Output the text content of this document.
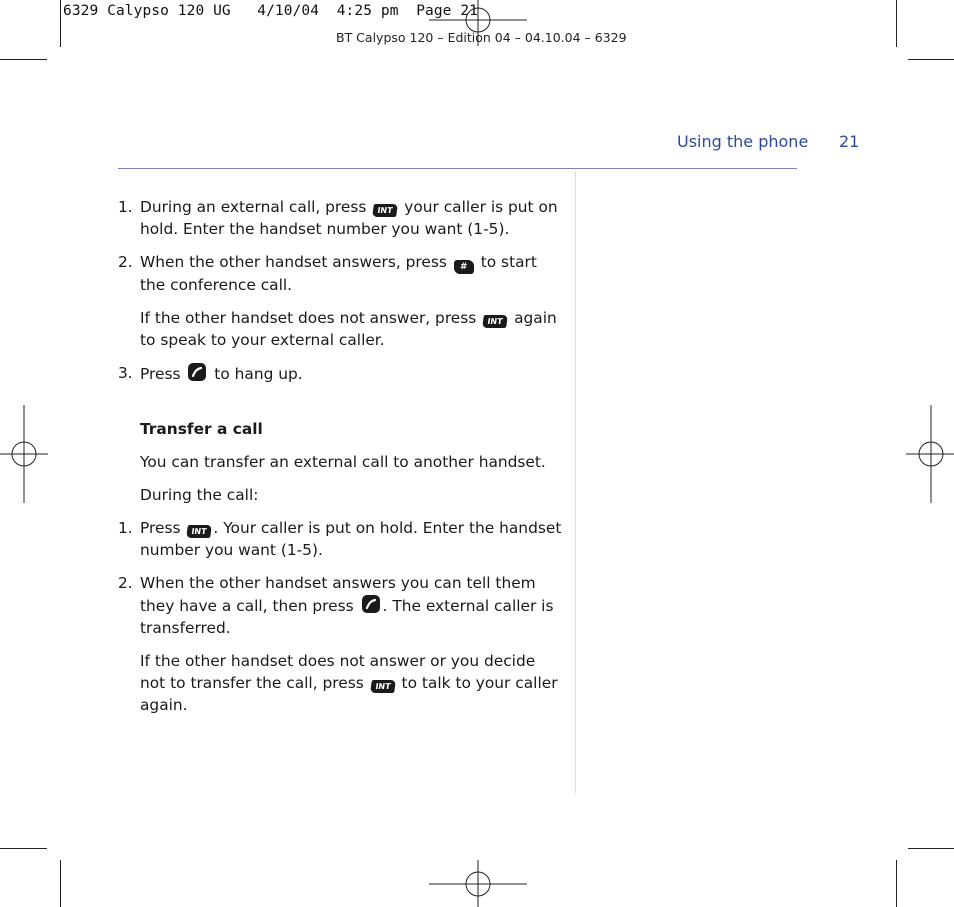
6329 Calypso 120 UG   4/10/04  4:25 pm  Page 21
BT Calypso 120 – Edition 04 – 04.10.04 – 6329
Using the phone 21
1. During an external call, press INT your caller is put on hold. Enter the handset number you want (1-5).
2. When the other handset answers, press # to start the conference call.
If the other handset does not answer, press INT again to speak to your external caller.
3. Press  to hang up.
Transfer a call
You can transfer an external call to another handset.
During the call:
1. Press INT . Your caller is put on hold. Enter the handset number you want (1-5).
2. When the other handset answers you can tell them they have a call, then press . The external caller is transferred.
If the other handset does not answer or you decide not to transfer the call, press INT to talk to your caller again.
